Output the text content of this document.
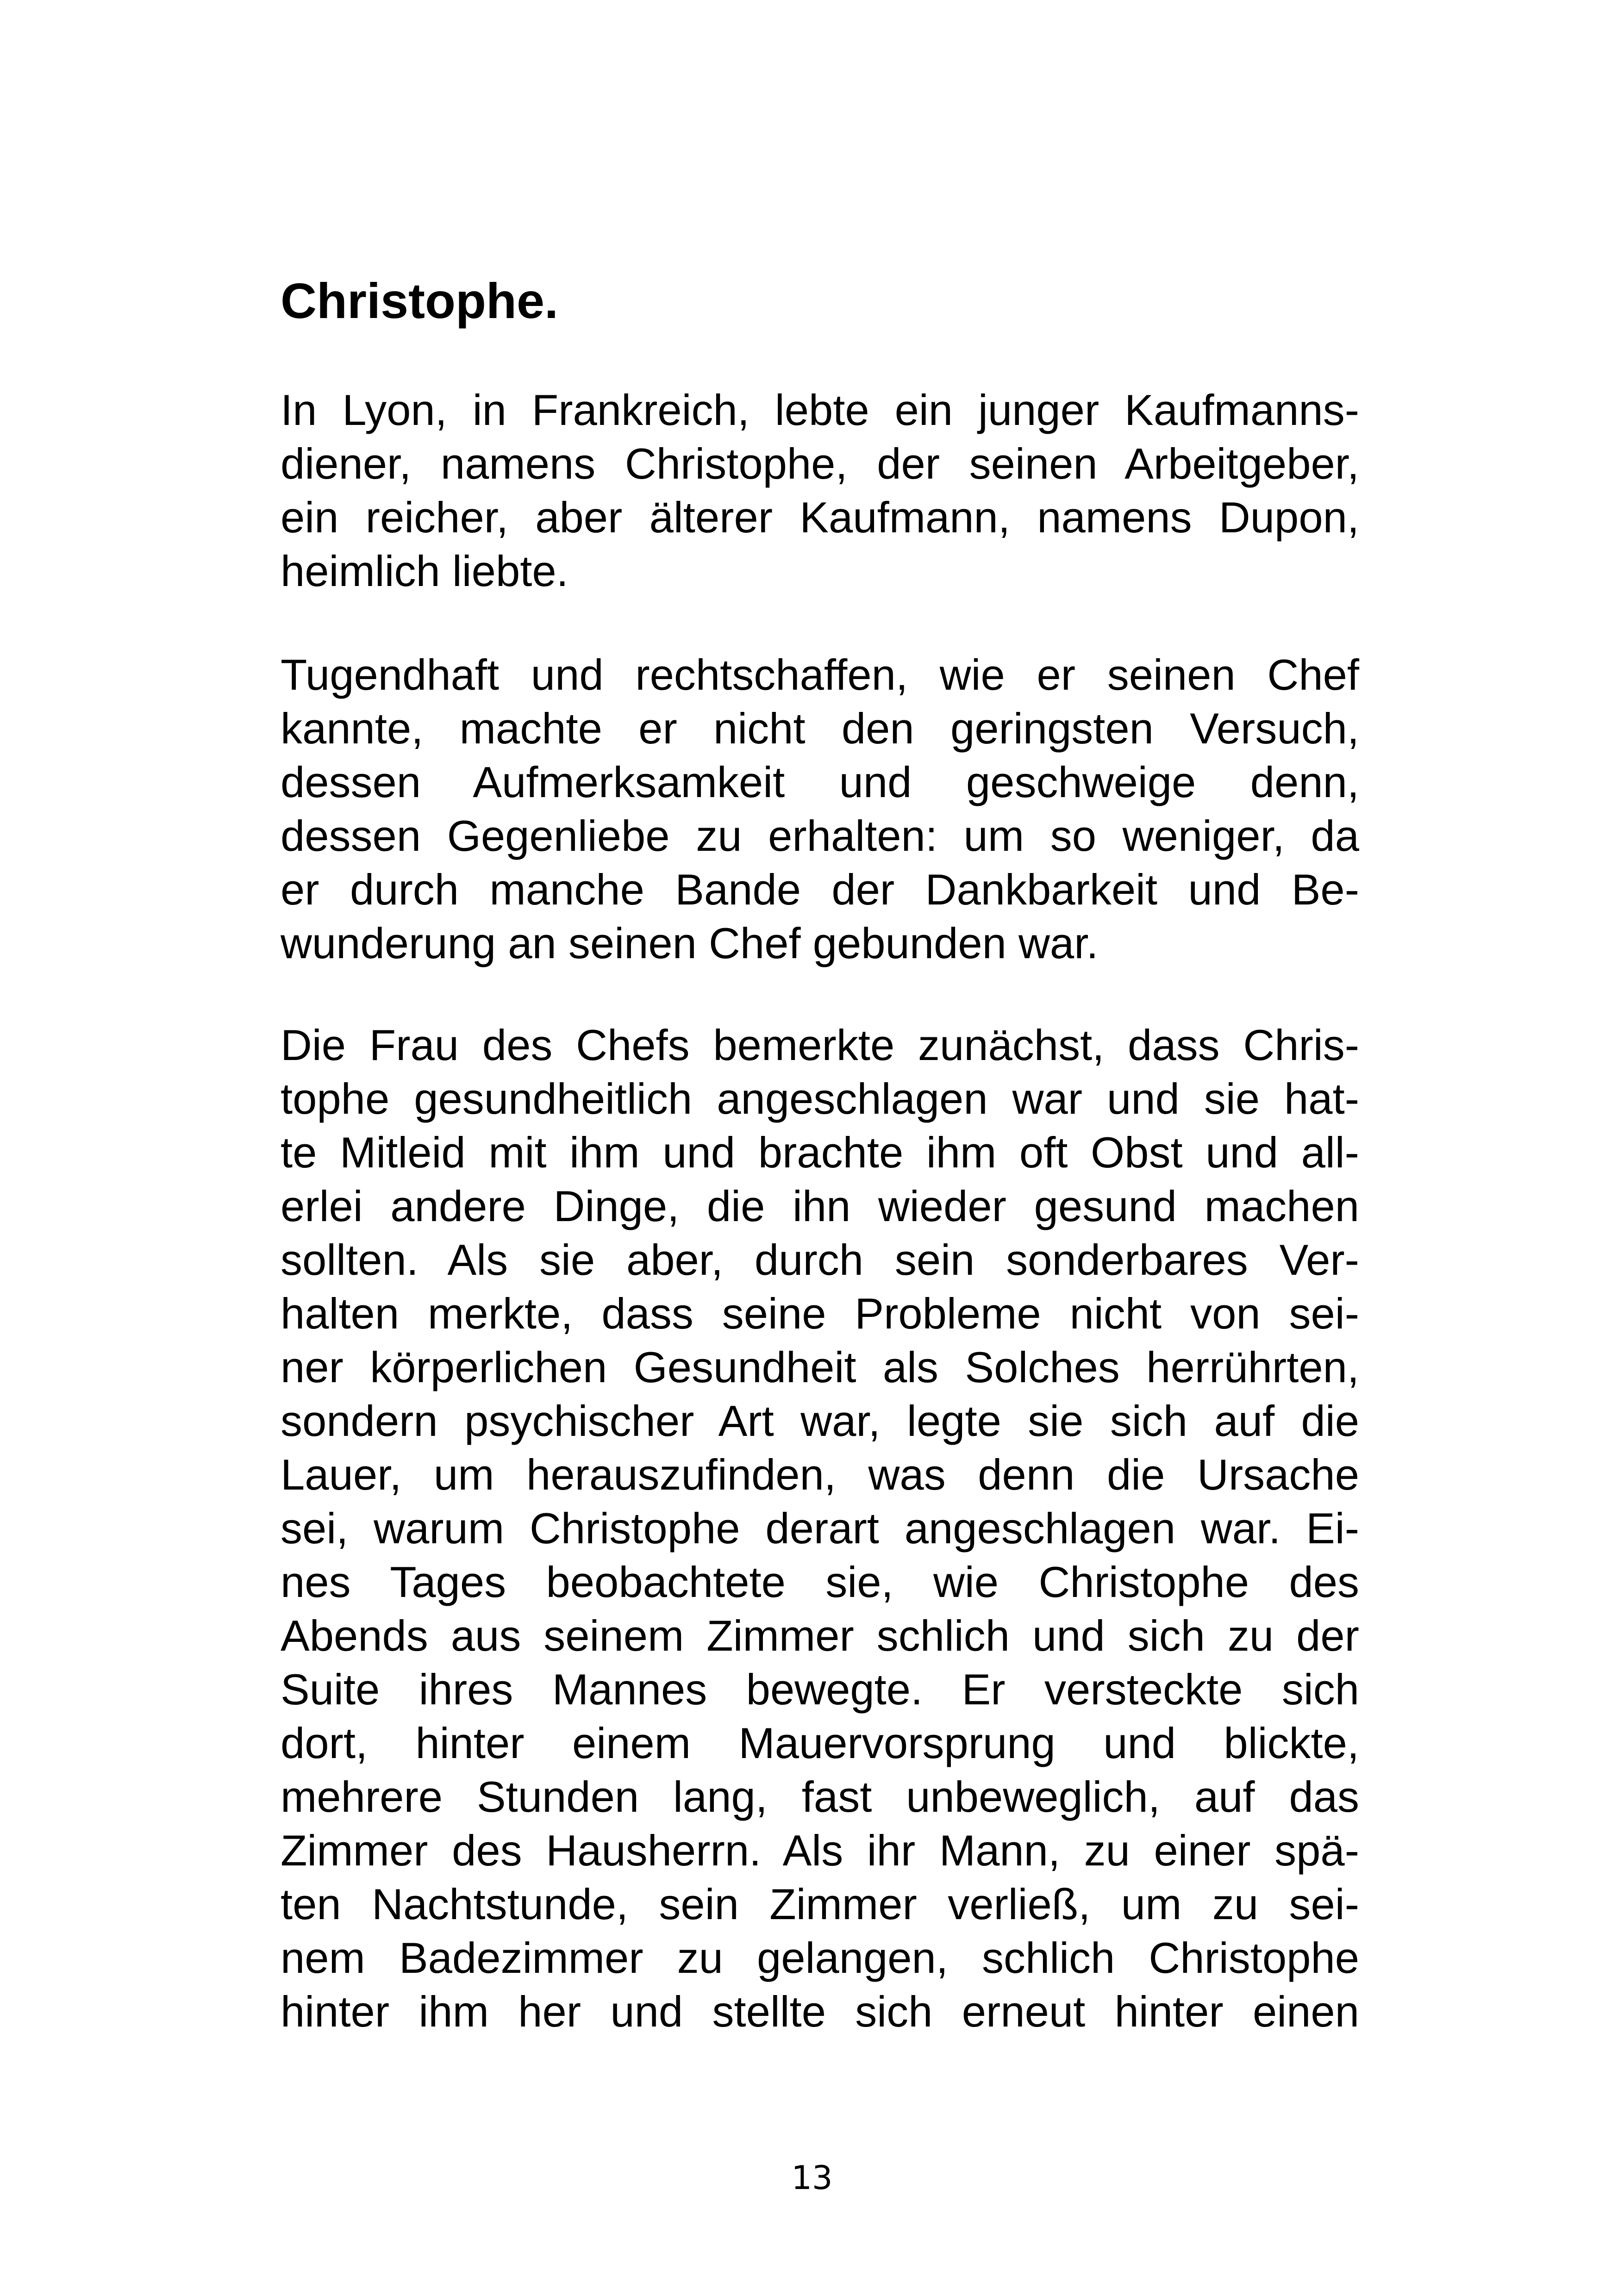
Christophe.

In Lyon, in Frankreich, lebte ein junger Kaufmanns-
diener, namens Christophe, der seinen Arbeitgeber,
ein reicher, aber älterer Kaufmann, namens Dupon,
heimlich liebte.

Tugendhaft und rechtschaffen, wie er seinen Chef
kannte, machte er nicht den geringsten Versuch,
dessen Aufmerksamkeit und geschweige denn,
dessen Gegenliebe zu erhalten: um so weniger, da
er durch manche Bande der Dankbarkeit und Be-
wunderung an seinen Chef gebunden war.

Die Frau des Chefs bemerkte zunächst, dass Chris-
tophe gesundheitlich angeschlagen war und sie hat-
te Mitleid mit ihm und brachte ihm oft Obst und all-
erlei andere Dinge, die ihn wieder gesund machen
sollten. Als sie aber, durch sein sonderbares Ver-
halten merkte, dass seine Probleme nicht von sei-
ner körperlichen Gesundheit als Solches herrührten,
sondern psychischer Art war, legte sie sich auf die
Lauer, um herauszufinden, was denn die Ursache
sei, warum Christophe derart angeschlagen war. Ei-
nes Tages beobachtete sie, wie Christophe des
Abends aus seinem Zimmer schlich und sich zu der
Suite ihres Mannes bewegte. Er versteckte sich
dort, hinter einem Mauervorsprung und blickte,
mehrere Stunden lang, fast unbeweglich, auf das
Zimmer des Hausherrn. Als ihr Mann, zu einer spä-
ten Nachtstunde, sein Zimmer verließ, um zu sei-
nem Badezimmer zu gelangen, schlich Christophe
hinter ihm her und stellte sich erneut hinter einen

13
